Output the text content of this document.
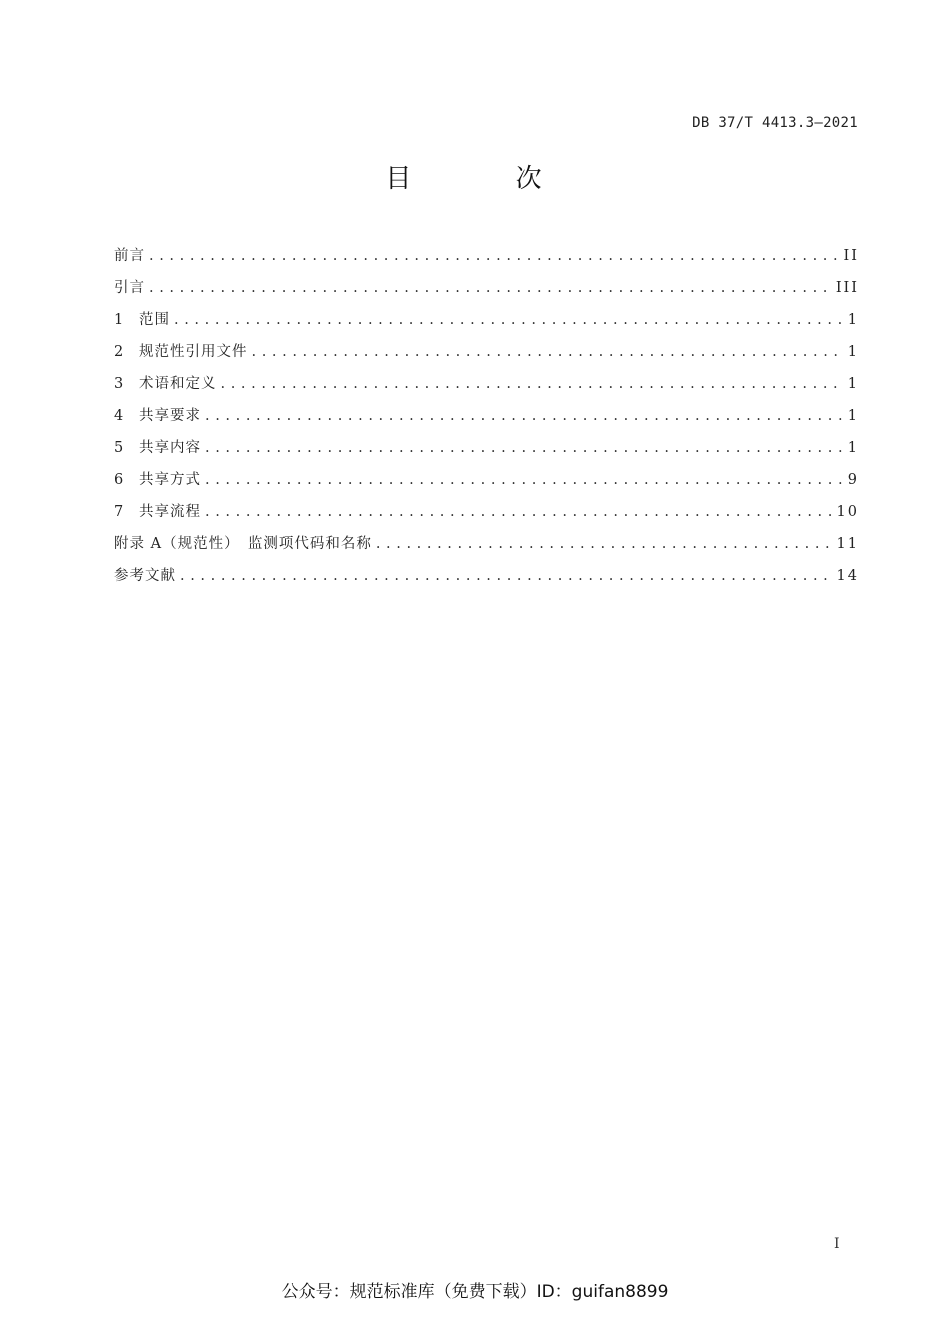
DB 37/T 4413.3—2021
目 次
前言 .....	II
引言 .....	III
1	范围 .....	1
2	规范性引用文件 .....	1
3	术语和定义 .....	1
4	共享要求 .....	1
5	共享内容 .....	1
6	共享方式 .....	9
7	共享流程 .....	10
附录 A（规范性）　监测项代码和名称 .....	11
参考文献 .....	14
I
公众号：规范标准库（免费下载）ID：guifan8899
